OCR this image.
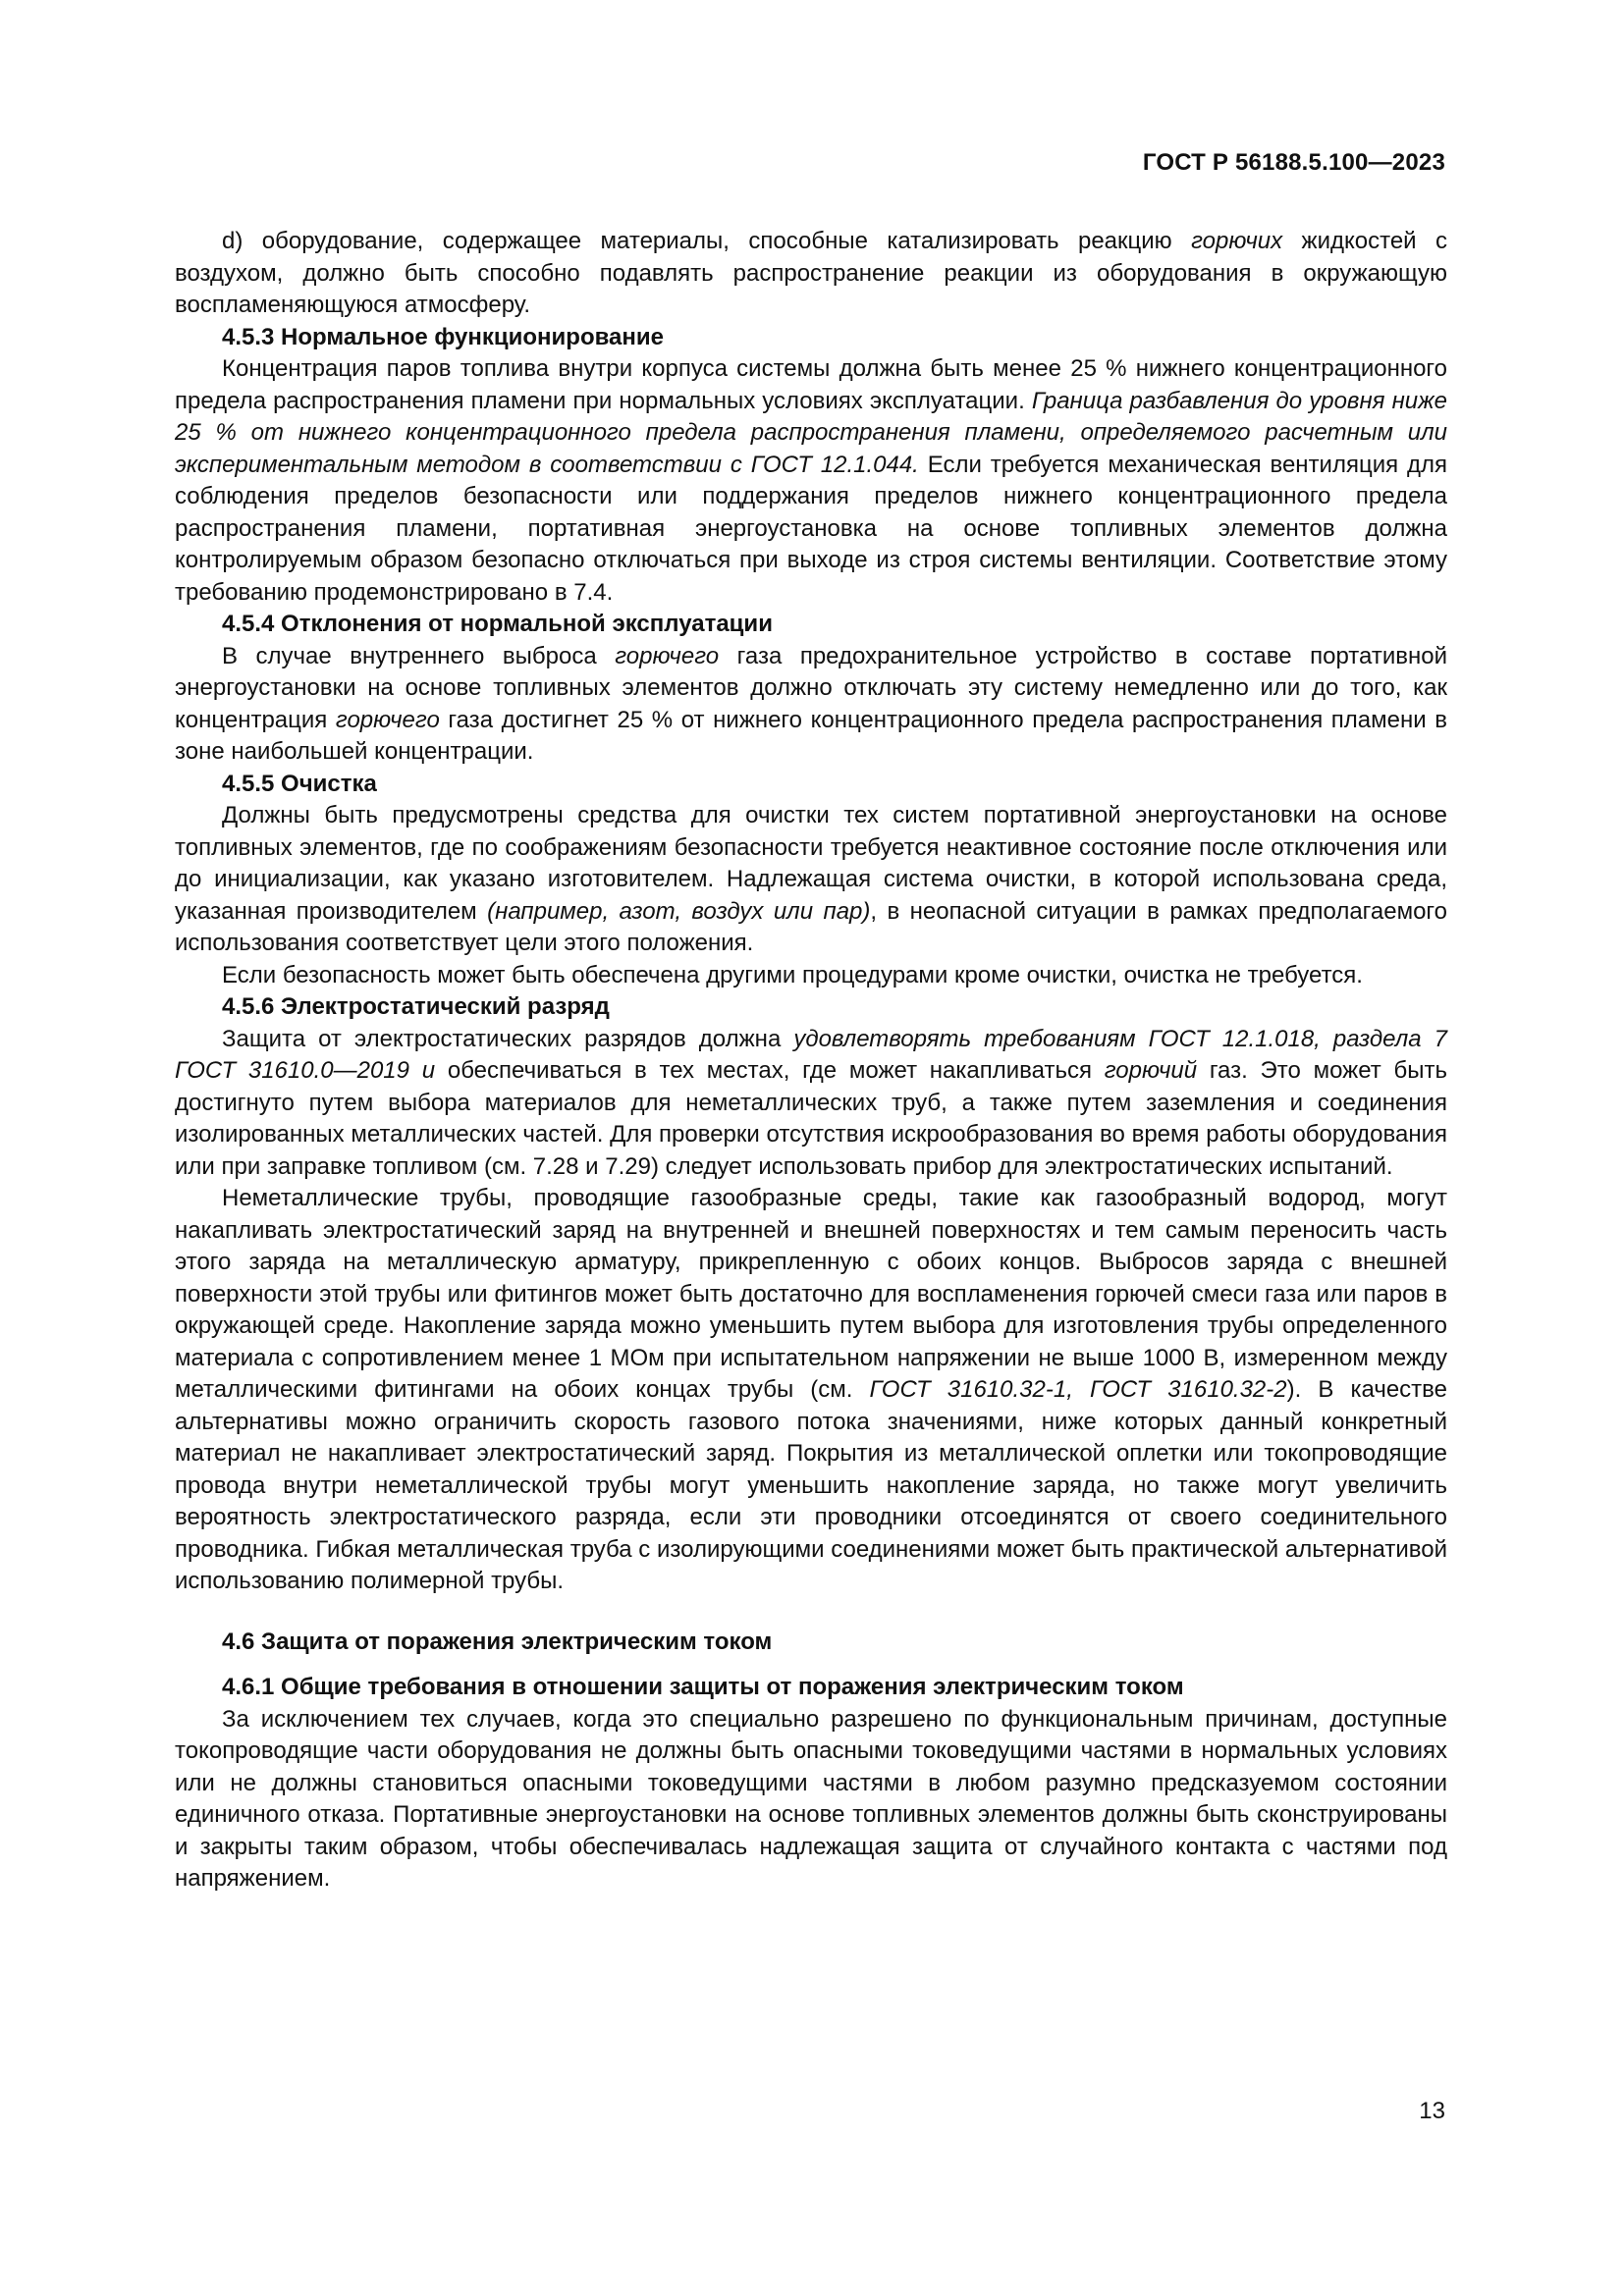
ГОСТ Р 56188.5.100—2023

d) оборудование, содержащее материалы, способные катализировать реакцию горючих жидкостей с воздухом, должно быть способно подавлять распространение реакции из оборудования в окружающую воспламеняющуюся атмосферу.

4.5.3 Нормальное функционирование

Концентрация паров топлива внутри корпуса системы должна быть менее 25 % нижнего концентрационного предела распространения пламени при нормальных условиях эксплуатации. Граница разбавления до уровня ниже 25 % от нижнего концентрационного предела распространения пламени, определяемого расчетным или экспериментальным методом в соответствии с ГОСТ 12.1.044. Если требуется механическая вентиляция для соблюдения пределов безопасности или поддержания пределов нижнего концентрационного предела распространения пламени, портативная энергоустановка на основе топливных элементов должна контролируемым образом безопасно отключаться при выходе из строя системы вентиляции. Соответствие этому требованию продемонстрировано в 7.4.

4.5.4 Отклонения от нормальной эксплуатации

В случае внутреннего выброса горючего газа предохранительное устройство в составе портативной энергоустановки на основе топливных элементов должно отключать эту систему немедленно или до того, как концентрация горючего газа достигнет 25 % от нижнего концентрационного предела распространения пламени в зоне наибольшей концентрации.

4.5.5 Очистка

Должны быть предусмотрены средства для очистки тех систем портативной энергоустановки на основе топливных элементов, где по соображениям безопасности требуется неактивное состояние после отключения или до инициализации, как указано изготовителем. Надлежащая система очистки, в которой использована среда, указанная производителем (например, азот, воздух или пар), в неопасной ситуации в рамках предполагаемого использования соответствует цели этого положения.

Если безопасность может быть обеспечена другими процедурами кроме очистки, очистка не требуется.

4.5.6 Электростатический разряд

Защита от электростатических разрядов должна удовлетворять требованиям ГОСТ 12.1.018, раздела 7 ГОСТ 31610.0—2019 и обеспечиваться в тех местах, где может накапливаться горючий газ. Это может быть достигнуто путем выбора материалов для неметаллических труб, а также путем заземления и соединения изолированных металлических частей. Для проверки отсутствия искрообразования во время работы оборудования или при заправке топливом (см. 7.28 и 7.29) следует использовать прибор для электростатических испытаний.

Неметаллические трубы, проводящие газообразные среды, такие как газообразный водород, могут накапливать электростатический заряд на внутренней и внешней поверхностях и тем самым переносить часть этого заряда на металлическую арматуру, прикрепленную с обоих концов. Выбросов заряда с внешней поверхности этой трубы или фитингов может быть достаточно для воспламенения горючей смеси газа или паров в окружающей среде. Накопление заряда можно уменьшить путем выбора для изготовления трубы определенного материала с сопротивлением менее 1 МОм при испытательном напряжении не выше 1000 В, измеренном между металлическими фитингами на обоих концах трубы (см. ГОСТ 31610.32-1, ГОСТ 31610.32-2). В качестве альтернативы можно ограничить скорость газового потока значениями, ниже которых данный конкретный материал не накапливает электростатический заряд. Покрытия из металлической оплетки или токопроводящие провода внутри неметаллической трубы могут уменьшить накопление заряда, но также могут увеличить вероятность электростатического разряда, если эти проводники отсоединятся от своего соединительного проводника. Гибкая металлическая труба с изолирующими соединениями может быть практической альтернативой использованию полимерной трубы.

4.6 Защита от поражения электрическим током
4.6.1 Общие требования в отношении защиты от поражения электрическим током

За исключением тех случаев, когда это специально разрешено по функциональным причинам, доступные токопроводящие части оборудования не должны быть опасными токоведущими частями в нормальных условиях или не должны становиться опасными токоведущими частями в любом разумно предсказуемом состоянии единичного отказа. Портативные энергоустановки на основе топливных элементов должны быть сконструированы и закрыты таким образом, чтобы обеспечивалась надлежащая защита от случайного контакта с частями под напряжением.

13
